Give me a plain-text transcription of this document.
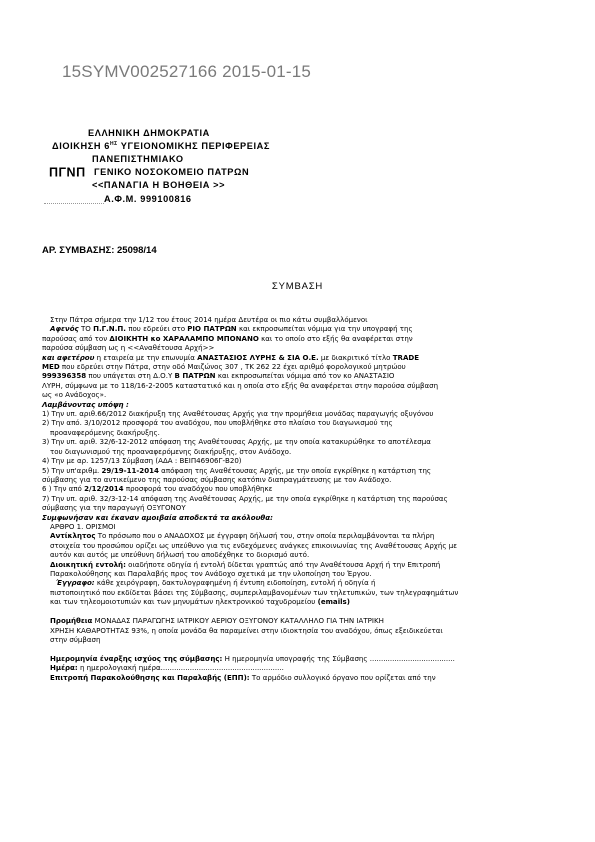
15SYMV002527166 2015-01-15
ΕΛΛΗΝΙΚΗ ΔΗΜΟΚΡΑΤΙΑ
ΔΙΟΙΚΗΣΗ $6^{H\Sigma}$ ΥΓΕΙΟΝΟΜΙΚΗΣ ΠΕΡΙΦΕΡΕΙΑΣ
ΠΑΝΕΠΙΣΤΗΜΙΑΚΟ
ΠΓΝΠ ΓΕΝΙΚΟ ΝΟΣΟΚΟΜΕΙΟ ΠΑΤΡΩΝ
<<ΠΑΝΑΓΙΑ Η ΒΟΗΘΕΙΑ >>
Α.Φ.Μ. 999100816
ΑΡ. ΣΥΜΒΑΣΗΣ: 25098/14
ΣΥΜΒΑΣΗ

Στην Πάτρα σήμερα την 1/12 του έτους 2014 ημέρα Δευτέρα οι πιο κάτω συμβαλλόμενοι

Αφενός ΤΟ Π.Γ.Ν.Π. που εδρεύει στο ΡΙΟ ΠΑΤΡΩΝ και εκπροσωπείται νόμιμα για την υπογραφή της

παρούσας από τον ΔΙΟΙΚΗΤΗ κο ΧΑΡΑΛΑΜΠΟ ΜΠΟΝΑΝΟ και το οποίο στο εξής θα αναφέρεται στην

παρούσα σύμβαση ως η <<Αναθέτουσα Αρχή>>

και αφετέρου η εταιρεία με την επωνυμία ΑΝΑΣΤΑΣΙΟΣ ΛΥΡΗΣ & ΣΙΑ Ο.Ε. με διακριτικό τίτλο TRADE

MED που εδρεύει στην Πάτρα, στην οδό Μαιζώνος 307 , ΤΚ 262 22 έχει αριθμό φορολογικού μητρώου

999396358 που υπάγεται στη Δ.Ο.Υ Β ΠΑΤΡΩΝ και εκπροσωπείται νόμιμα από τον κο ΑΝΑΣΤΑΣΙΟ

ΛΥΡΗ, σύμφωνα με το 118/16-2-2005 καταστατικό και η οποία στο εξής θα αναφέρεται στην παρούσα σύμβαση

ως «ο Ανάδοχος».

Λαμβάνοντας υπόψη :

1) Την υπ. αριθ.66/2012 διακήρυξη της Αναθέτουσας Αρχής για την προμήθεια μονάδας παραγωγής οξυγόνου

2) Την από. 3/10/2012 προσφορά του αναδόχου, που υποβλήθηκε στο πλαίσιο του διαγωνισμού της

προαναφερόμενης διακήρυξης.

3) Την υπ. αριθ. 32/6-12-2012 απόφαση της Αναθέτουσας Αρχής, με την οποία κατακυρώθηκε το αποτέλεσμα

του διαγωνισμού της προαναφερόμενης διακήρυξης, στον Ανάδοχο.

4) Την με αρ. 1257/13 Σύμβαση (ΑΔΑ : ΒΕΙΠ46906Γ-Β20)

5) Την υπ'αριθμ. 29/19-11-2014 απόφαση της Αναθέτουσας Αρχής, με την οποία εγκρίθηκε η κατάρτιση της

σύμβασης για το αντικείμενο της παρούσας σύμβασης κατόπιν διαπραγμάτευσης με τον Ανάδοχο.

6 ) Την από 2/12/2014 προσφορά του αναδόχου που υποβλήθηκε

7) Την υπ. αριθ. 32/3-12-14 απόφαση της Αναθέτουσας Αρχής, με την οποία εγκρίθηκε η κατάρτιση της παρούσας

σύμβασης για την παραγωγή ΟΞΥΓΟΝΟΥ

Συμφωνήσαν και έκαναν αμοιβαία αποδεκτά τα ακόλουθα:

ΑΡΘΡΟ 1. ΟΡΙΣΜΟΙ

Αντίκλητος Το πρόσωπο που ο ΑΝΑΔΟΧΟΣ με έγγραφη δήλωσή του, στην οποία περιλαμβάνονται τα πλήρη

στοιχεία του προσώπου ορίζει ως υπεύθυνο για τις ενδεχόμενες ανάγκες επικοινωνίας της Αναθέτουσας Αρχής με

αυτόν και αυτός με υπεύθυνη δήλωσή του αποδέχθηκε το διορισμό αυτό.

Διοικητική εντολή: οιαδήποτε οδηγία ή εντολή δίδεται γραπτώς από την Αναθέτουσα Αρχή ή την Επιτροπή

Παρακολούθησης και Παραλαβής προς τον Ανάδοχο σχετικά με την υλοποίηση του Έργου.

Έγγραφο: κάθε χειρόγραφη, δακτυλογραφημένη ή έντυπη ειδοποίηση, εντολή ή οδηγία ή

πιστοποιητικό που εκδίδεται βάσει της Σύμβασης, συμπεριλαμβανομένων των τηλετυπικών, των τηλεγραφημάτων

και των τηλεομοιοτυπιών και των μηνυμάτων ηλεκτρονικού ταχυδρομείου (emails)

Προμήθεια ΜΟΝΑΔΑΣ ΠΑΡΑΓΩΓΗΣ ΙΑΤΡΙΚΟΥ ΑΕΡΙΟΥ ΟΞΥΓΟΝΟΥ ΚΑΤΑΛΛΗΛΟ ΓΙΑ ΤΗΝ ΙΑΤΡΙΚΗ

ΧΡΗΣΗ ΚΑΘΑΡΟΤΗΤΑΣ 93%, η οποία μονάδα θα παραμείνει στην ιδιοκτησία του αναδόχου, όπως εξειδικεύεται

στην σύμβαση

Ημερομηνία έναρξης ισχύος της σύμβασης: Η ημερομηνία υπογραφής της Σύμβασης ......................................

Ημέρα: η ημερολογιακή ημέρα.......................................................

Επιτροπή Παρακολούθησης και Παραλαβής (ΕΠΠ): Το αρμόδιο συλλογικό όργανο που ορίζεται από την
